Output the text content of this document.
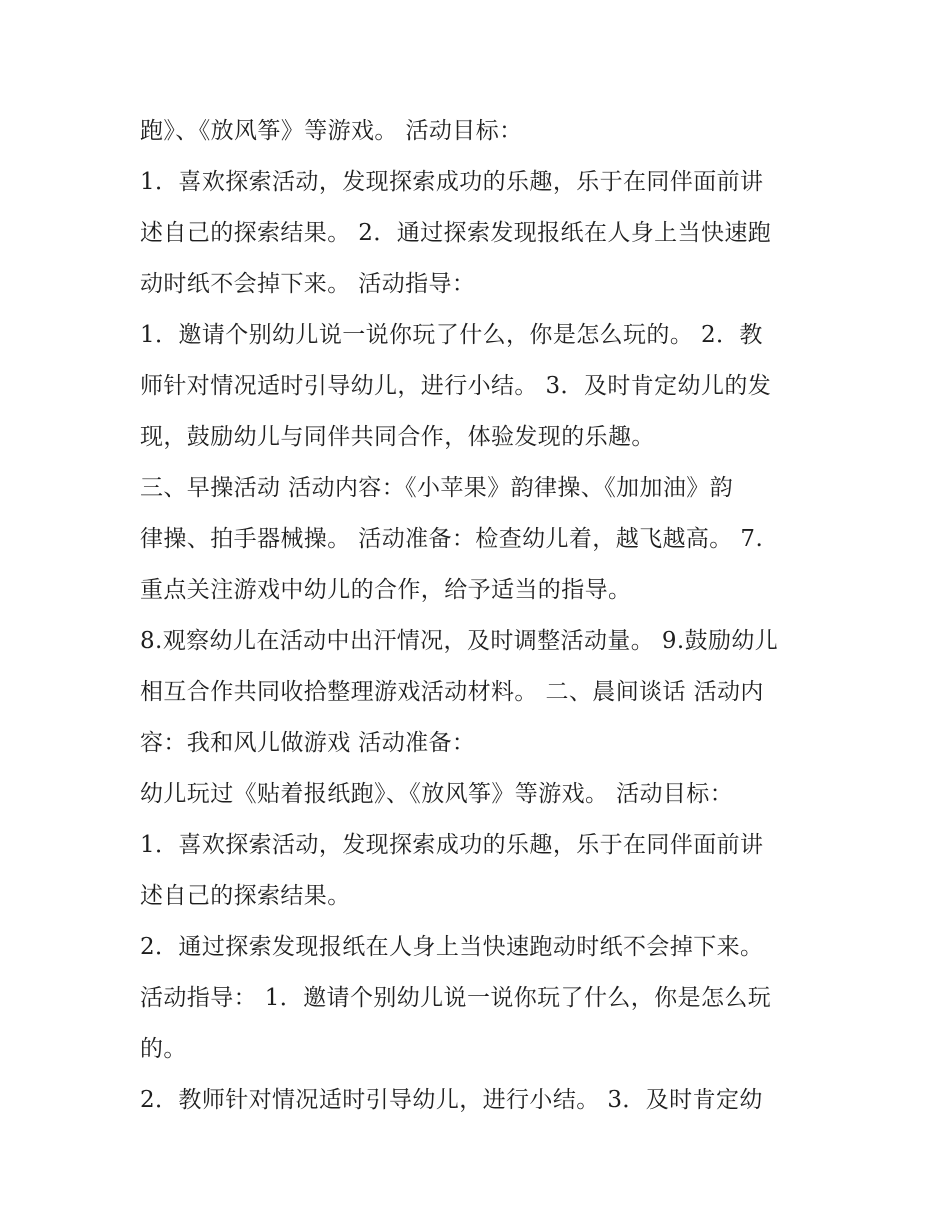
跑》、《放风筝》等游戏。 活动目标：
1．喜欢探索活动，发现探索成功的乐趣，乐于在同伴面前讲
述自己的探索结果。 2．通过探索发现报纸在人身上当快速跑
动时纸不会掉下来。 活动指导：
1．邀请个别幼儿说一说你玩了什么，你是怎么玩的。 2．教
师针对情况适时引导幼儿，进行小结。 3．及时肯定幼儿的发
现，鼓励幼儿与同伴共同合作，体验发现的乐趣。
三、早操活动 活动内容：《小苹果》韵律操、《加加油》韵
律操、拍手器械操。 活动准备：检查幼儿着，越飞越高。 7.
重点关注游戏中幼儿的合作，给予适当的指导。
8.观察幼儿在活动中出汗情况，及时调整活动量。 9.鼓励幼儿
相互合作共同收拾整理游戏活动材料。 二、晨间谈话 活动内
容：我和风儿做游戏 活动准备：
幼儿玩过《贴着报纸跑》、《放风筝》等游戏。 活动目标：
1．喜欢探索活动，发现探索成功的乐趣，乐于在同伴面前讲
述自己的探索结果。
2．通过探索发现报纸在人身上当快速跑动时纸不会掉下来。
活动指导： 1．邀请个别幼儿说一说你玩了什么，你是怎么玩
的。
2．教师针对情况适时引导幼儿，进行小结。 3．及时肯定幼
